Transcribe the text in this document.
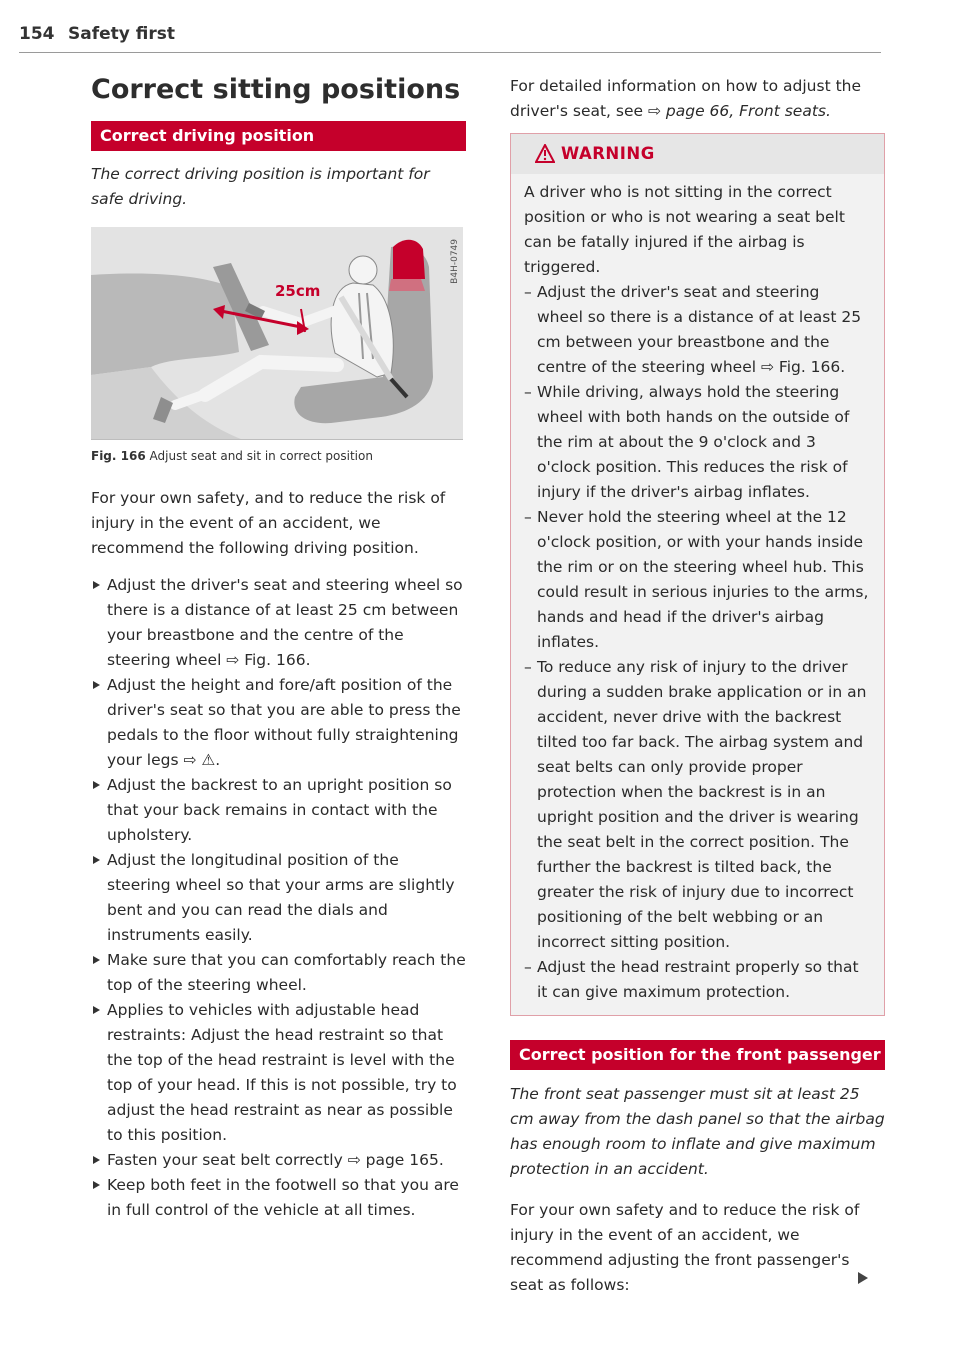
154 Safety first
Correct sitting positions
Correct driving position

The correct driving position is important for safe driving.

25cm
B4H-0749
Fig. 166 Adjust seat and sit in correct position

For your own safety, and to reduce the risk of injury in the event of an accident, we recommend the following driving position.

Adjust the driver's seat and steering wheel so there is a distance of at least 25 cm between your breastbone and the centre of the steering wheel ⇨ Fig. 166.
Adjust the height and fore/aft position of the driver's seat so that you are able to press the pedals to the floor without fully straightening your legs ⇨ ⚠.
Adjust the backrest to an upright position so that your back remains in contact with the upholstery.
Adjust the longitudinal position of the steering wheel so that your arms are slightly bent and you can read the dials and instruments easily.
Make sure that you can comfortably reach the top of the steering wheel.
Applies to vehicles with adjustable head restraints: Adjust the head restraint so that the top of the head restraint is level with the top of your head. If this is not possible, try to adjust the head restraint as near as possible to this position.
Fasten your seat belt correctly ⇨ page 165.
Keep both feet in the footwell so that you are in full control of the vehicle at all times.

For detailed information on how to adjust the driver's seat, see ⇨ page 66, Front seats.

WARNING

A driver who is not sitting in the correct position or who is not wearing a seat belt can be fatally injured if the airbag is triggered.

– Adjust the driver's seat and steering wheel so there is a distance of at least 25 cm between your breastbone and the centre of the steering wheel ⇨ Fig. 166.
– While driving, always hold the steering wheel with both hands on the outside of the rim at about the 9 o'clock and 3 o'clock position. This reduces the risk of injury if the driver's airbag inflates.
– Never hold the steering wheel at the 12 o'clock position, or with your hands inside the rim or on the steering wheel hub. This could result in serious injuries to the arms, hands and head if the driver's airbag inflates.
– To reduce any risk of injury to the driver during a sudden brake application or in an accident, never drive with the backrest tilted too far back. The airbag system and seat belts can only provide proper protection when the backrest is in an upright position and the driver is wearing the seat belt in the correct position. The further the backrest is tilted back, the greater the risk of injury due to incorrect positioning of the belt webbing or an incorrect sitting position.
– Adjust the head restraint properly so that it can give maximum protection.
Correct position for the front passenger

The front seat passenger must sit at least 25 cm away from the dash panel so that the airbag has enough room to inflate and give maximum protection in an accident.

For your own safety and to reduce the risk of injury in the event of an accident, we recommend adjusting the front passenger's seat as follows:
